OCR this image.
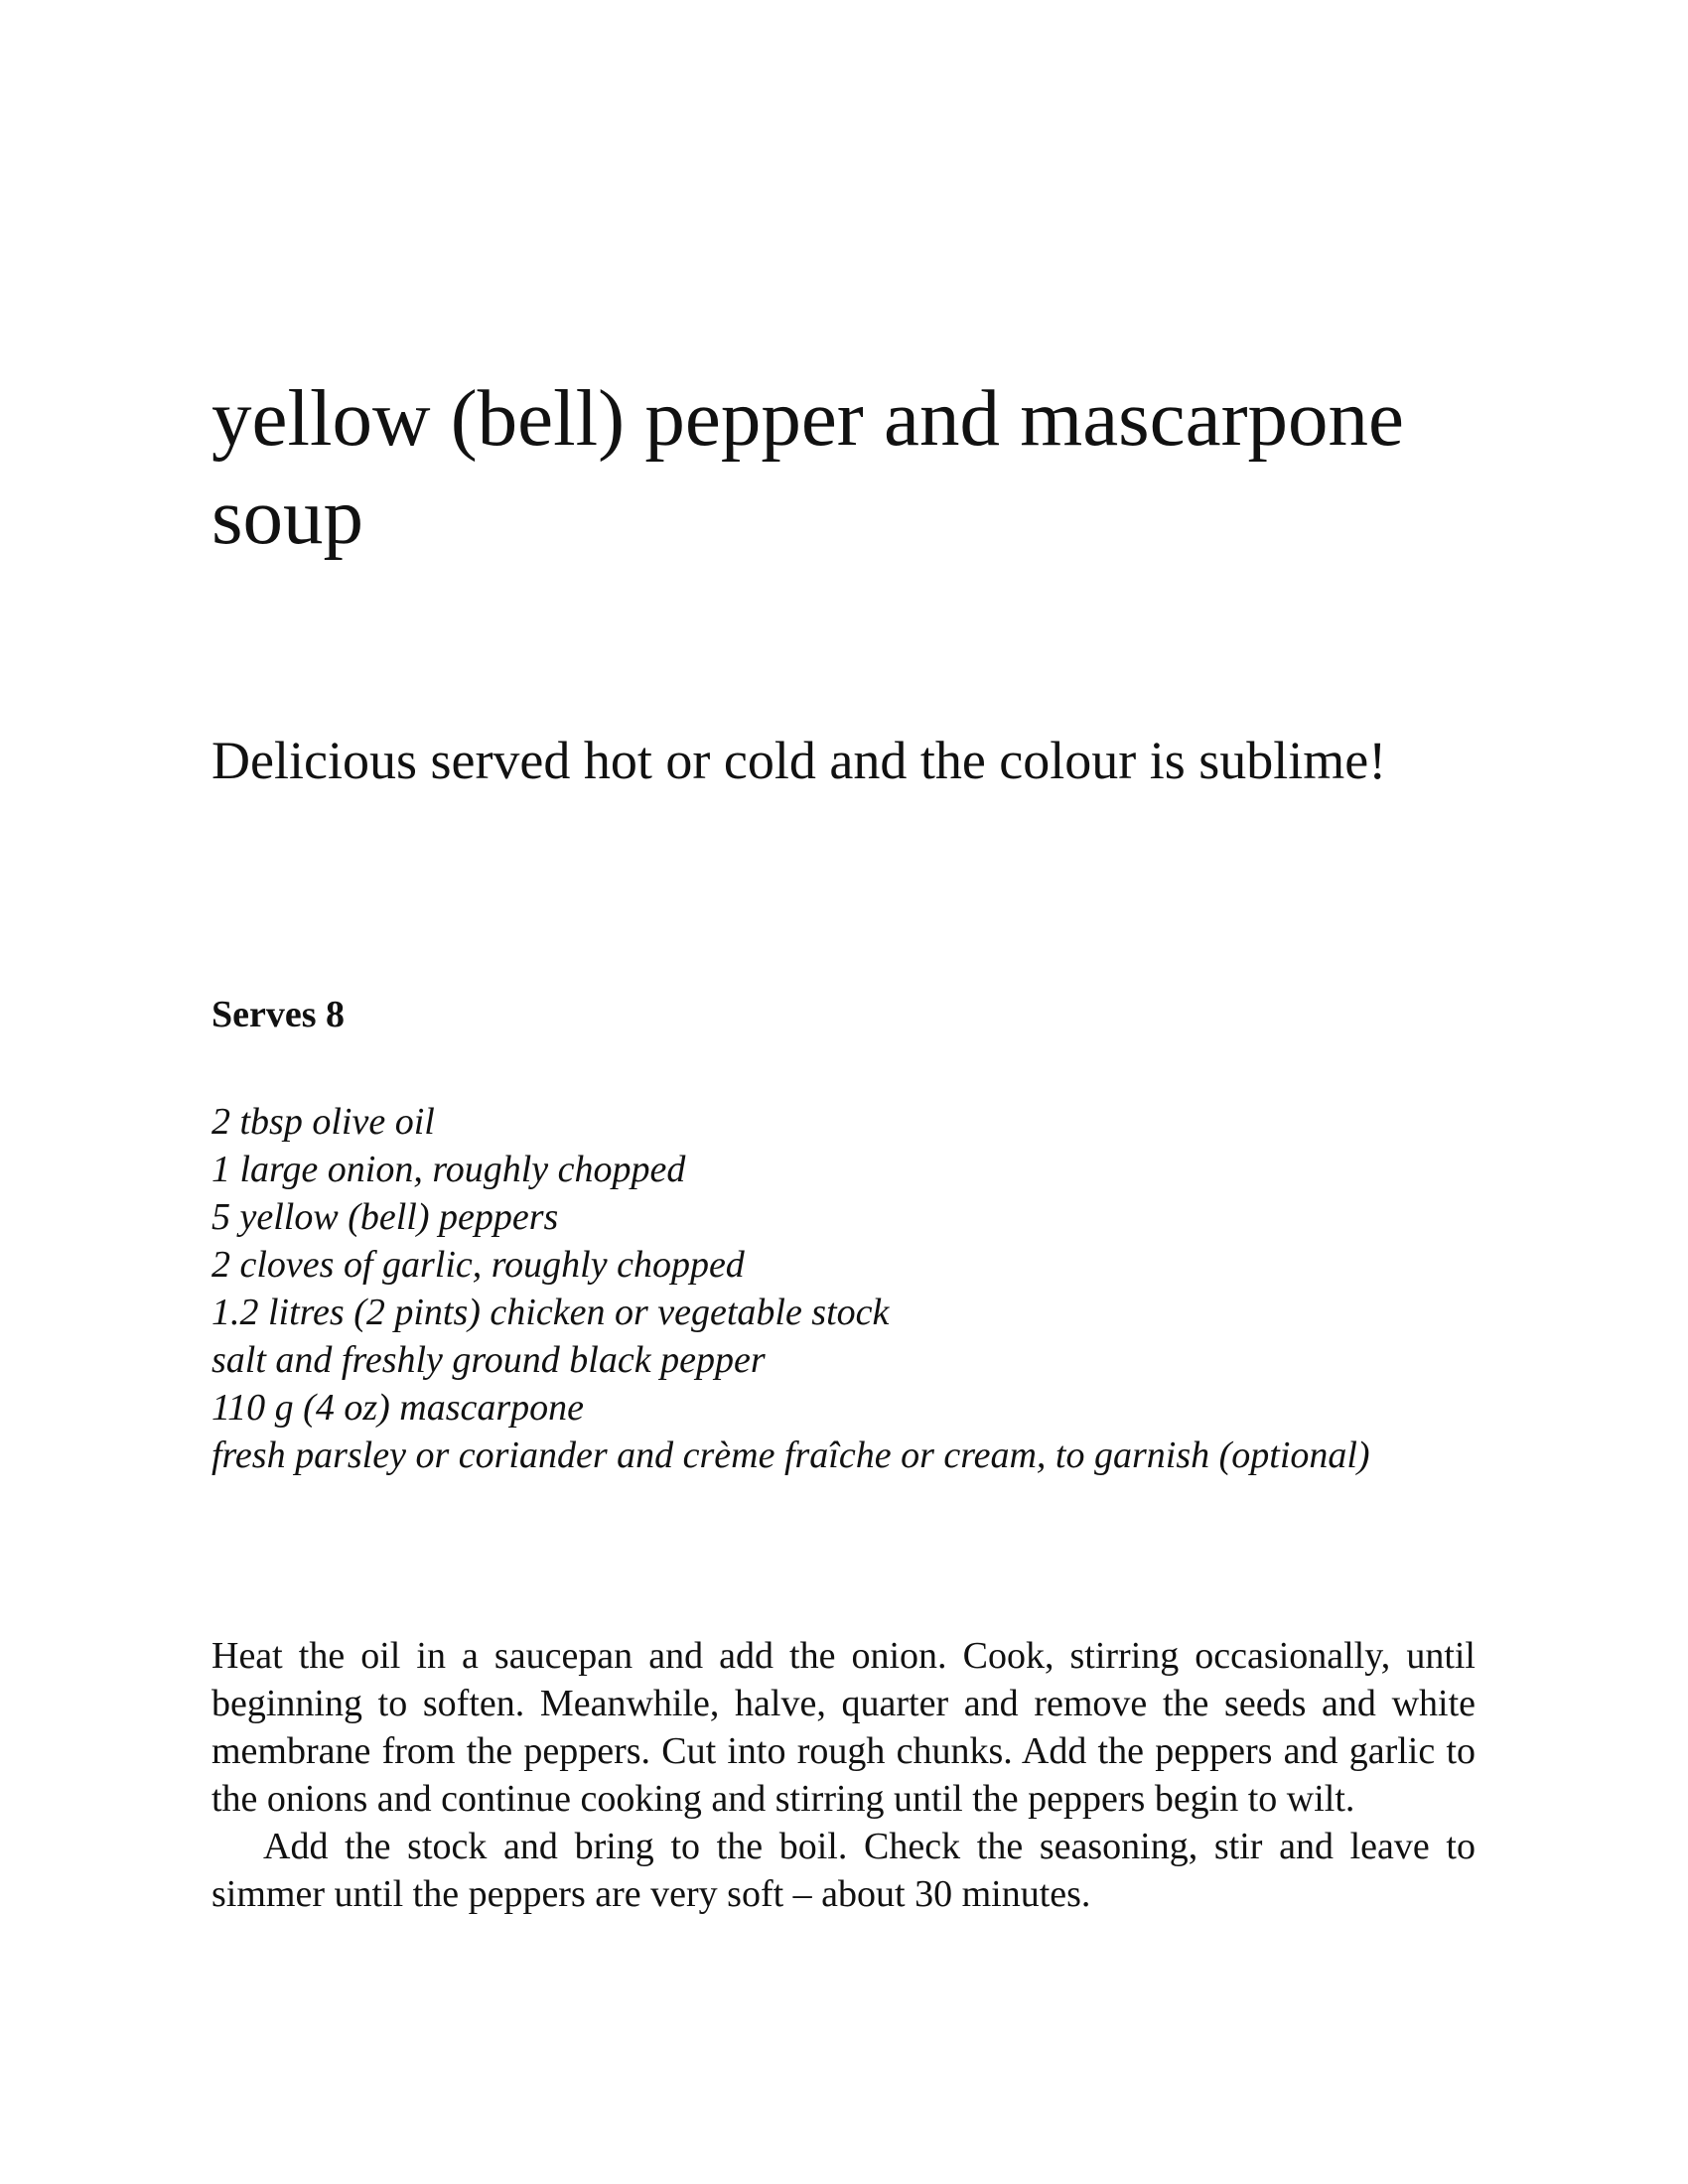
yellow (bell) pepper and mascarpone soup

Delicious served hot or cold and the colour is sublime!

Serves 8

2 tbsp olive oil
1 large onion, roughly chopped
5 yellow (bell) peppers
2 cloves of garlic, roughly chopped
1.2 litres (2 pints) chicken or vegetable stock
salt and freshly ground black pepper
110 g (4 oz) mascarpone
fresh parsley or coriander and crème fraîche or cream, to garnish (optional)

Heat the oil in a saucepan and add the onion. Cook, stirring occasionally, until beginning to soften. Meanwhile, halve, quarter and remove the seeds and white membrane from the peppers. Cut into rough chunks. Add the peppers and garlic to the onions and continue cooking and stirring until the peppers begin to wilt.

Add the stock and bring to the boil. Check the seasoning, stir and leave to simmer until the peppers are very soft – about 30 minutes.
